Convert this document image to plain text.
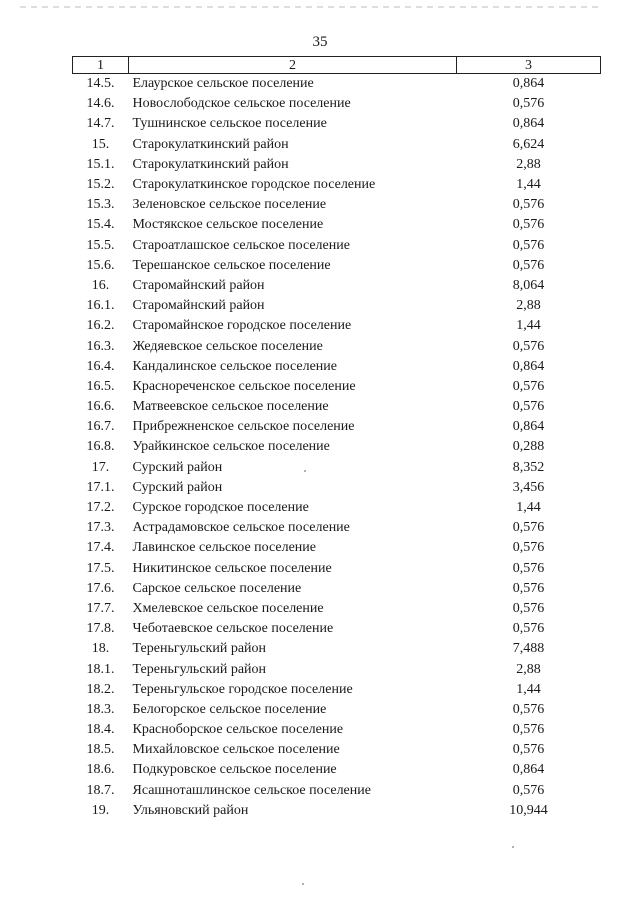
35
1	2	3
14.5.	Елаурское сельское поселение	0,864
14.6.	Новослободское сельское поселение	0,576
14.7.	Тушнинское сельское поселение	0,864
15.	Старокулаткинский район	6,624
15.1.	Старокулаткинский район	2,88
15.2.	Старокулаткинское городское поселение	1,44
15.3.	Зеленовское сельское поселение	0,576
15.4.	Мостякское сельское поселение	0,576
15.5.	Староатлашское сельское поселение	0,576
15.6.	Терешанское сельское поселение	0,576
16.	Старомайнский район	8,064
16.1.	Старомайнский район	2,88
16.2.	Старомайнское городское поселение	1,44
16.3.	Жедяевское сельское поселение	0,576
16.4.	Кандалинское сельское поселение	0,864
16.5.	Краснореченское сельское поселение	0,576
16.6.	Матвеевское сельское поселение	0,576
16.7.	Прибрежненское сельское поселение	0,864
16.8.	Урайкинское сельское поселение	0,288
17.	Сурский район	8,352
17.1.	Сурский район	3,456
17.2.	Сурское городское поселение	1,44
17.3.	Астрадамовское сельское поселение	0,576
17.4.	Лавинское сельское поселение	0,576
17.5.	Никитинское сельское поселение	0,576
17.6.	Сарское сельское поселение	0,576
17.7.	Хмелевское сельское поселение	0,576
17.8.	Чеботаевское сельское поселение	0,576
18.	Тереньгульский район	7,488
18.1.	Тереньгульский район	2,88
18.2.	Тереньгульское городское поселение	1,44
18.3.	Белогорское сельское поселение	0,576
18.4.	Красноборское сельское поселение	0,576
18.5.	Михайловское сельское поселение	0,576
18.6.	Подкуровское сельское поселение	0,864
18.7.	Ясашноташлинское сельское поселение	0,576
19.	Ульяновский район	10,944
